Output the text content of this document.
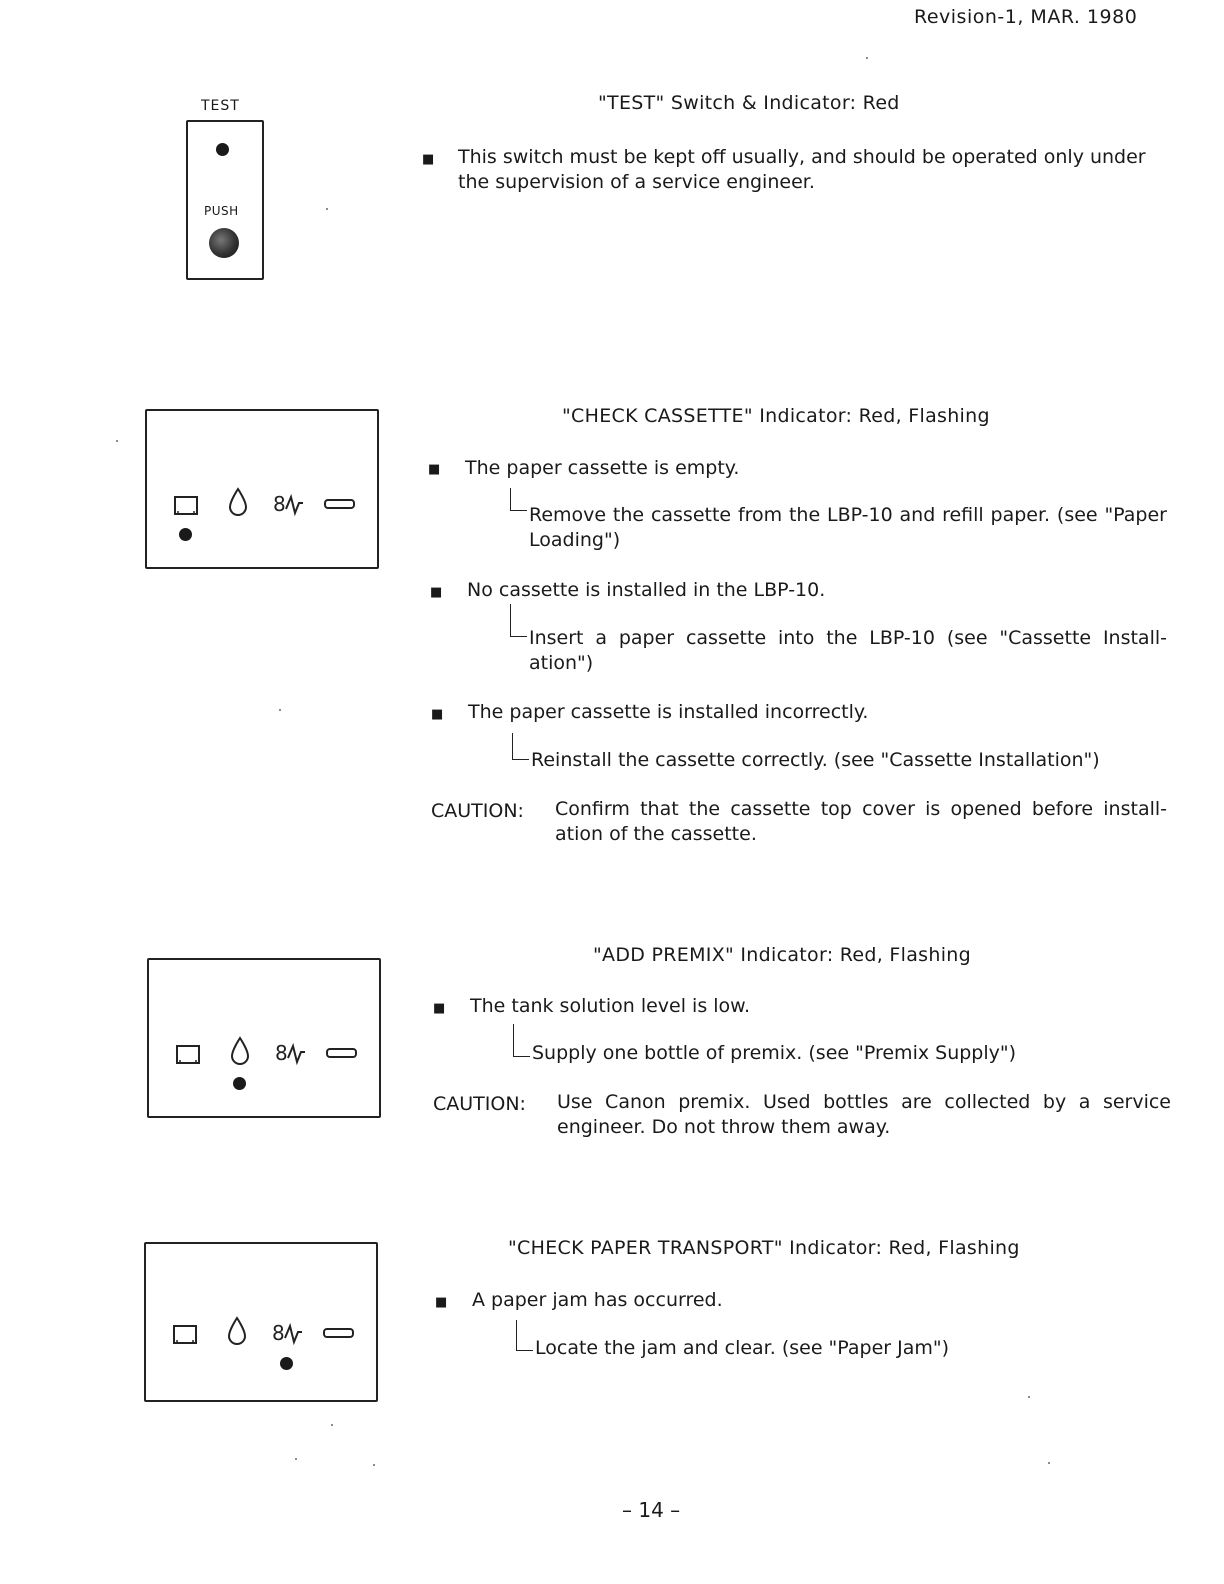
Revision-1, MAR. 1980
TEST
PUSH
"TEST" Switch & Indicator: Red
■ This switch must be kept off usually, and should be operated only under the supervision of a service engineer.
8
"CHECK CASSETTE" Indicator: Red, Flashing
■ The paper cassette is empty.
Remove the cassette from the LBP-10 and refill paper. (see "Paper Loading")
■ No cassette is installed in the LBP-10.
Insert a paper cassette into the LBP-10 (see "Cassette Install-ation")
■ The paper cassette is installed incorrectly.
Reinstall the cassette correctly. (see "Cassette Installation")
CAUTION: Confirm that the cassette top cover is opened before install-ation of the cassette.
8
"ADD PREMIX" Indicator: Red, Flashing
■ The tank solution level is low.
Supply one bottle of premix. (see "Premix Supply")
CAUTION: Use Canon premix. Used bottles are collected by a service engineer. Do not throw them away.
8
"CHECK PAPER TRANSPORT" Indicator: Red, Flashing
■ A paper jam has occurred.
Locate the jam and clear. (see "Paper Jam")
– 14 –
